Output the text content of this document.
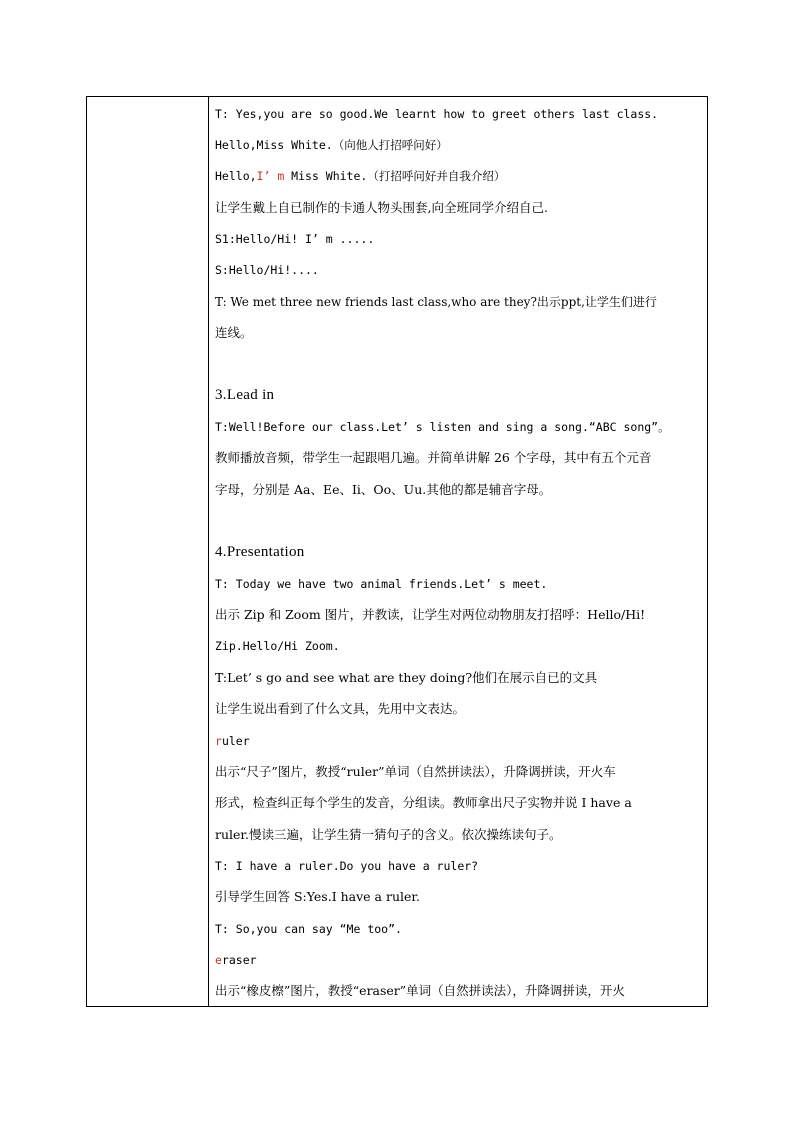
T: Yes,you are so good.We learnt how to greet others last class.
Hello,Miss White.（向他人打招呼问好）
Hello,I’ m Miss White.（打招呼问好并自我介绍）
让学生戴上自已制作的卡通人物头围套,向全班同学介绍自己.
S1:Hello/Hi! I’ m .....
S:Hello/Hi!....
T: We met three new friends last class,who are they?出示ppt,让学生们进行
连线。
3.Lead in
T:Well!Before our class.Let’ s listen and sing a song.“ABC song”。
教师播放音频，带学生一起跟唱几遍。并简单讲解 26 个字母，其中有五个元音
字母，分别是 Aa、Ee、Ii、Oo、Uu.其他的都是辅音字母。
4.Presentation
T: Today we have two animal friends.Let’ s meet.
出示 Zip 和 Zoom 图片，并教读，让学生对两位动物朋友打招呼：Hello/Hi!
Zip.Hello/Hi Zoom.
T:Let’ s go and see what are they doing?他们在展示自已的文具
让学生说出看到了什么文具，先用中文表达。
ruler
出示“尺子”图片，教授“ruler”单词（自然拼读法），升降调拼读，开火车
形式，检查纠正每个学生的发音，分组读。教师拿出尺子实物并说 I have a
ruler.慢读三遍，让学生猜一猜句子的含义。依次操练读句子。
T: I have a ruler.Do you have a ruler?
引导学生回答 S:Yes.I have a ruler.
T: So,you can say “Me too”.
eraser
出示“橡皮檫”图片，教授“eraser”单词（自然拼读法），升降调拼读，开火
